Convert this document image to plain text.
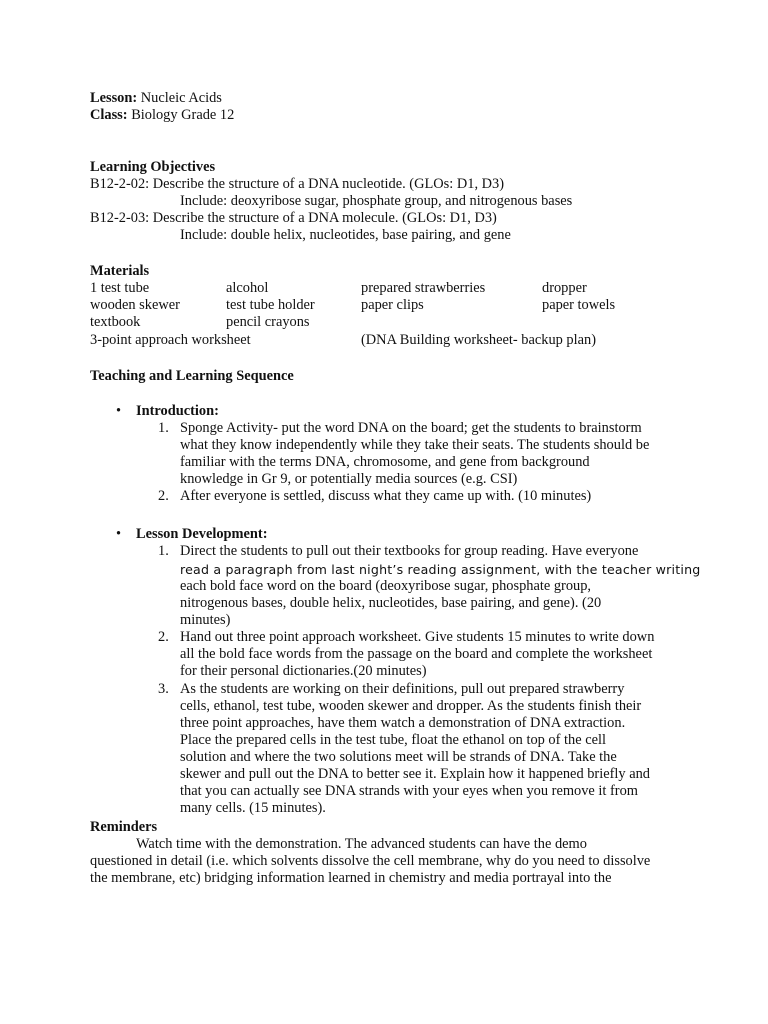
Lesson: Nucleic Acids
Class: Biology Grade 12
Learning Objectives
B12-2-02: Describe the structure of a DNA nucleotide. (GLOs: D1, D3)
Include: deoxyribose sugar, phosphate group, and nitrogenous bases
B12-2-03: Describe the structure of a DNA molecule. (GLOs: D1, D3)
Include: double helix, nucleotides, base pairing, and gene
Materials
1 test tube	alcohol	prepared strawberries	dropper
wooden skewer	test tube holder	paper clips	paper towels
textbook	pencil crayons
3-point approach worksheet	(DNA Building worksheet- backup plan)
Teaching and Learning Sequence
• Introduction:
1. Sponge Activity- put the word DNA on the board; get the students to brainstorm
what they know independently while they take their seats. The students should be
familiar with the terms DNA, chromosome, and gene from background
knowledge in Gr 9, or potentially media sources (e.g. CSI)
2. After everyone is settled, discuss what they came up with. (10 minutes)
• Lesson Development:
1. Direct the students to pull out their textbooks for group reading. Have everyone
read a paragraph from last night’s reading assignment, with the teacher writing
each bold face word on the board (deoxyribose sugar, phosphate group,
nitrogenous bases, double helix, nucleotides, base pairing, and gene). (20
minutes)
2. Hand out three point approach worksheet. Give students 15 minutes to write down
all the bold face words from the passage on the board and complete the worksheet
for their personal dictionaries.(20 minutes)
3. As the students are working on their definitions, pull out prepared strawberry
cells, ethanol, test tube, wooden skewer and dropper. As the students finish their
three point approaches, have them watch a demonstration of DNA extraction.
Place the prepared cells in the test tube, float the ethanol on top of the cell
solution and where the two solutions meet will be strands of DNA. Take the
skewer and pull out the DNA to better see it. Explain how it happened briefly and
that you can actually see DNA strands with your eyes when you remove it from
many cells. (15 minutes).
Reminders
Watch time with the demonstration. The advanced students can have the demo
questioned in detail (i.e. which solvents dissolve the cell membrane, why do you need to dissolve
the membrane, etc) bridging information learned in chemistry and media portrayal into the
